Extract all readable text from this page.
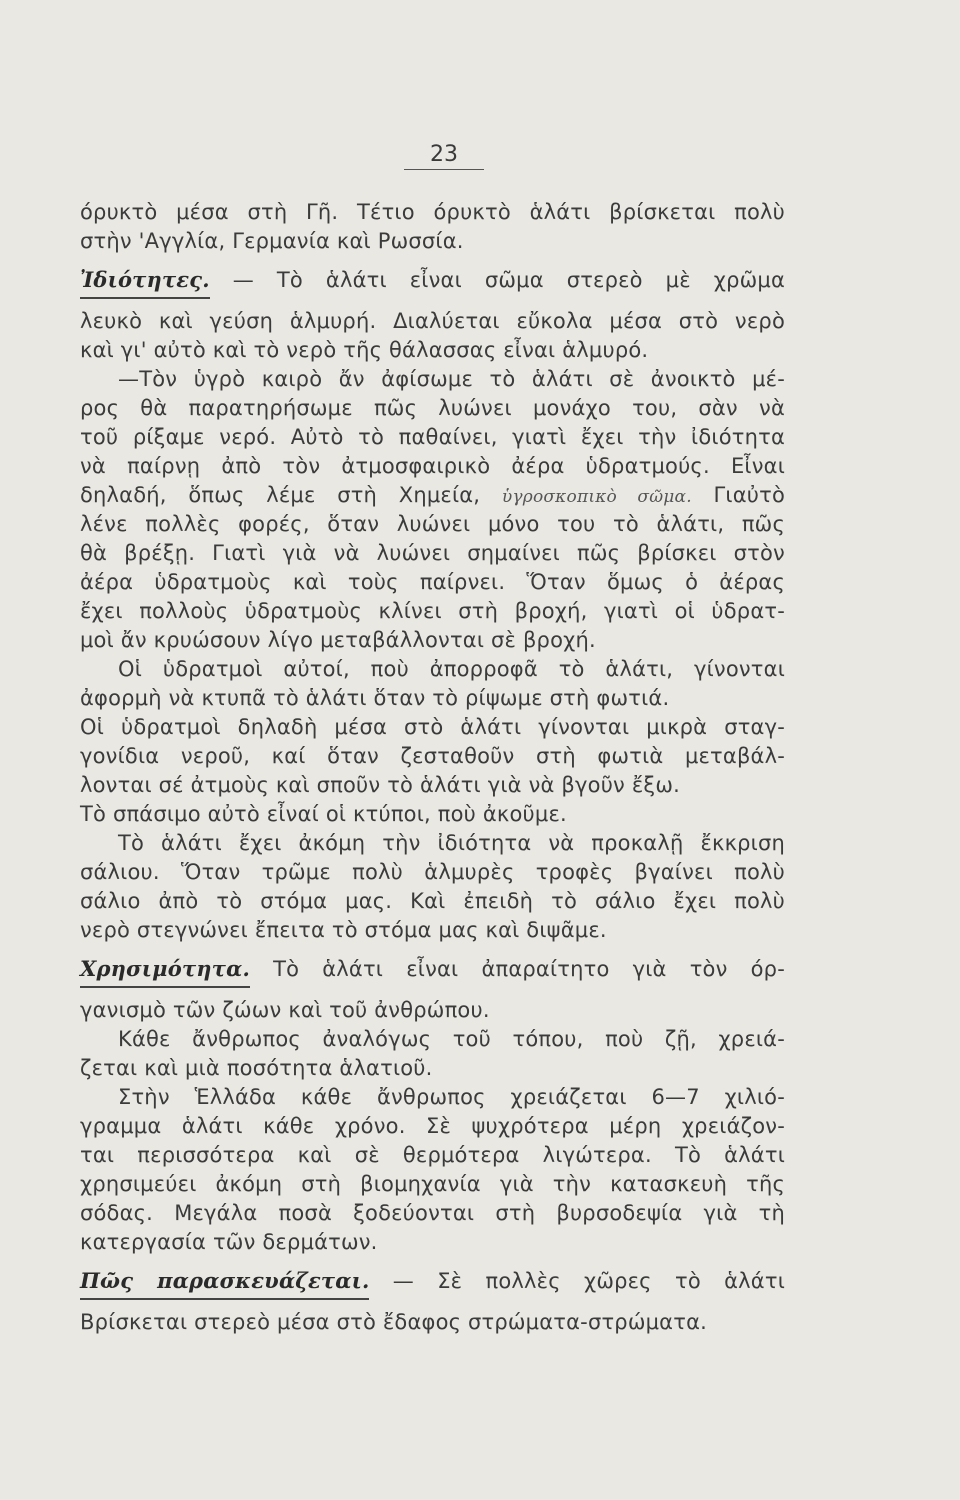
23
όρυκτὸ μέσα στὴ Γῆ. Τέτιο όρυκτὸ ἁλάτι βρίσκεται πολὺ
στὴν 'Αγγλία, Γερμανία καὶ Ρωσσία.
Ἰδιότητες. — Τὸ ἁλάτι εἶναι σῶμα στερεὸ μὲ χρῶμα
λευκὸ καὶ γεύση ἁλμυρή. Διαλύεται εὔκολα μέσα στὸ νερὸ
καὶ γι' αὐτὸ καὶ τὸ νερὸ τῆς θάλασσας εἶναι ἁλμυρό.
—Τὸν ὑγρὸ καιρὸ ἄν ἀφίσωμε τὸ ἁλάτι σὲ ἀνοικτὸ μέ-
ρος θὰ παρατηρήσωμε πῶς λυώνει μονάχο του, σὰν νὰ
τοῦ ρίξαμε νερό. Αὐτὸ τὸ παθαίνει, γιατὶ ἔχει τὴν ἰδιότητα
νὰ παίρνῃ ἀπὸ τὸν ἀτμοσφαιρικὸ ἀέρα ὑδρατμούς. Εἶναι
δηλαδή, ὅπως λέμε στὴ Χημεία, ὑγροσκοπικὸ σῶμα. Γιαὐτὸ
λένε πολλὲς φορές, ὅταν λυώνει μόνο του τὸ ἁλάτι, πῶς
θὰ βρέξῃ. Γιατὶ γιὰ νὰ λυώνει σημαίνει πῶς βρίσκει στὸν
ἀέρα ὑδρατμοὺς καὶ τοὺς παίρνει. Ὅταν ὅμως ὁ ἀέρας
ἔχει πολλοὺς ὑδρατμοὺς κλίνει στὴ βροχή, γιατὶ οἱ ὑδρατ-
μοὶ ἄν κρυώσουν λίγο μεταβάλλονται σὲ βροχή.
Οἱ ὑδρατμοὶ αὐτοί, ποὺ ἀπορροφᾶ τὸ ἁλάτι, γίνονται
ἀφορμὴ νὰ κτυπᾶ τὸ ἁλάτι ὅταν τὸ ρίψωμε στὴ φωτιά.
Οἱ ὑδρατμοὶ δηλαδὴ μέσα στὸ ἁλάτι γίνονται μικρὰ σταγ-
γονίδια νεροῦ, καί ὅταν ζεσταθοῦν στὴ φωτιὰ μεταβάλ-
λονται σέ ἀτμοὺς καὶ σποῦν τὸ ἁλάτι γιὰ νὰ βγοῦν ἔξω.
Τὸ σπάσιμο αὐτὸ εἶναί οἱ κτύποι, ποὺ ἀκοῦμε.
Τὸ ἁλάτι ἔχει ἀκόμη τὴν ἰδιότητα νὰ προκαλῇ ἔκκριση
σάλιου. Ὅταν τρῶμε πολὺ ἁλμυρὲς τροφὲς βγαίνει πολὺ
σάλιο ἀπὸ τὸ στόμα μας. Καὶ ἐπειδὴ τὸ σάλιο ἔχει πολὺ
νερὸ στεγνώνει ἔπειτα τὸ στόμα μας καὶ διψᾶμε.
Χρησιμότητα. Τὸ ἁλάτι εἶναι ἀπαραίτητο γιὰ τὸν όρ-
γανισμὸ τῶν ζώων καὶ τοῦ ἀνθρώπου.
Κάθε ἄνθρωπος ἀναλόγως τοῦ τόπου, ποὺ ζῇ, χρειά-
ζεται καὶ μιὰ ποσότητα ἁλατιοῦ.
Στὴν Ἑλλάδα κάθε ἄνθρωπος χρειάζεται 6—7 χιλιό-
γραμμα ἁλάτι κάθε χρόνο. Σὲ ψυχρότερα μέρη χρειάζον-
ται περισσότερα καὶ σὲ θερμότερα λιγώτερα. Τὸ ἁλάτι
χρησιμεύει ἀκόμη στὴ βιομηχανία γιὰ τὴν κατασκευὴ τῆς
σόδας. Μεγάλα ποσὰ ξοδεύονται στὴ βυρσοδεψία γιὰ τὴ
κατεργασία τῶν δερμάτων.
Πῶς παρασκευάζεται. — Σὲ πολλὲς χῶρες τὸ ἁλάτι
Βρίσκεται στερεὸ μέσα στὸ ἔδαφος στρώματα-στρώματα.
